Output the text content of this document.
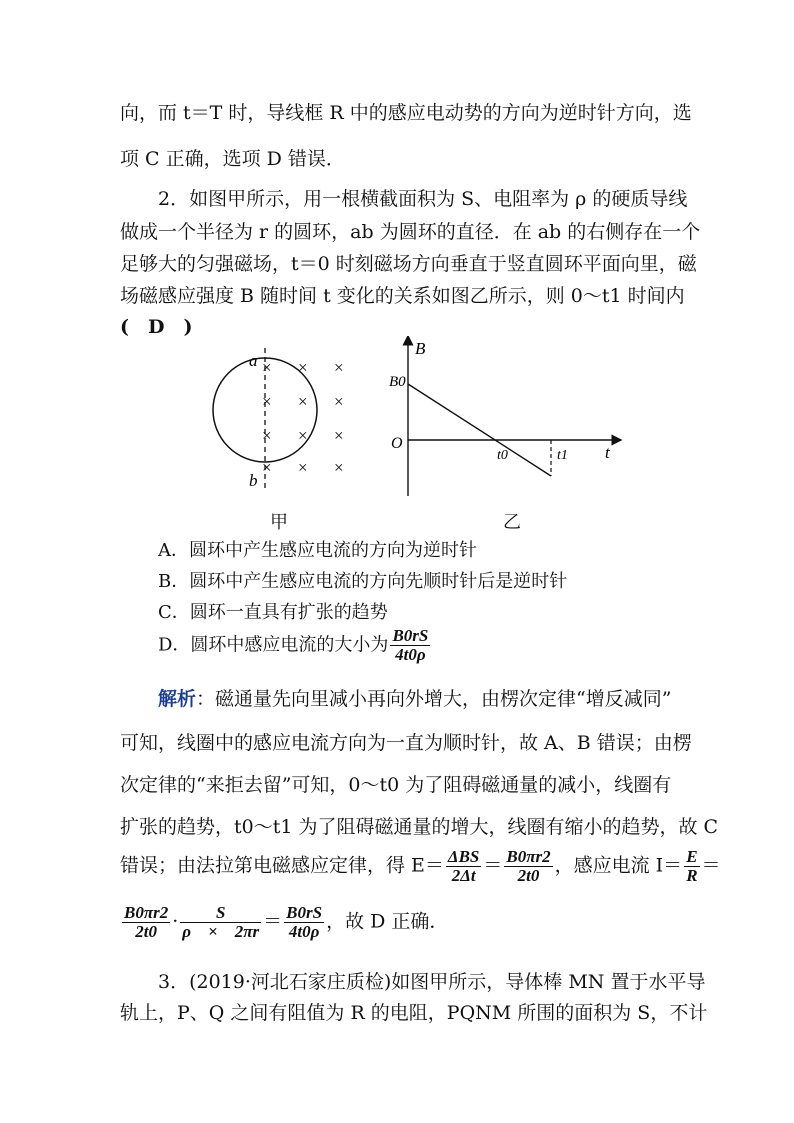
向，而 t＝T 时，导线框 R 中的感应电动势的方向为逆时针方向，选
项 C 正确，选项 D 错误．
2．如图甲所示，用一根横截面积为 S、电阻率为 ρ 的硬质导线
做成一个半径为 r 的圆环，ab 为圆环的直径．在 ab 的右侧存在一个
足够大的匀强磁场，t＝0 时刻磁场方向垂直于竖直圆环平面向里，磁
场磁感应强度 B 随时间 t 变化的关系如图乙所示，则 0～t1 时间内
(　D　)
a
b
× × ×
× × ×
× × ×
× × ×
甲
B
B0
O
t0	t1 t
乙
A．圆环中产生感应电流的方向为逆时针
B．圆环中产生感应电流的方向先顺时针后是逆时针
C．圆环一直具有扩张的趋势
D．圆环中感应电流的大小为 $\frac{B0rS}{4t0\rho}$
解析：磁通量先向里减小再向外增大，由楞次定律“增反减同”
可知，线圈中的感应电流方向为一直为顺时针，故 A、B 错误；由楞
次定律的“来拒去留”可知，0～t0 为了阻碍磁通量的减小，线圈有
扩张的趋势，t0～t1 为了阻碍磁通量的增大，线圈有缩小的趋势，故 C
错误；由法拉第电磁感应定律，得 $E= \frac{\text{ΔBS}}{2\Delta t} = \frac{B0\pi r2}{2t0}$ ，感应电流 $I= \frac{E}{R}$ ＝
$\frac{B0\pi r2}{2t0} \cdot \frac{S}{\rho \times 2\pi r} = \frac{B0rS}{4t0\rho}$ ，故 D 正确．
3．(2019·河北石家庄质检)如图甲所示，导体棒 MN 置于水平导
轨上，P、Q 之间有阻值为 R 的电阻，PQNM 所围的面积为 S，不计
